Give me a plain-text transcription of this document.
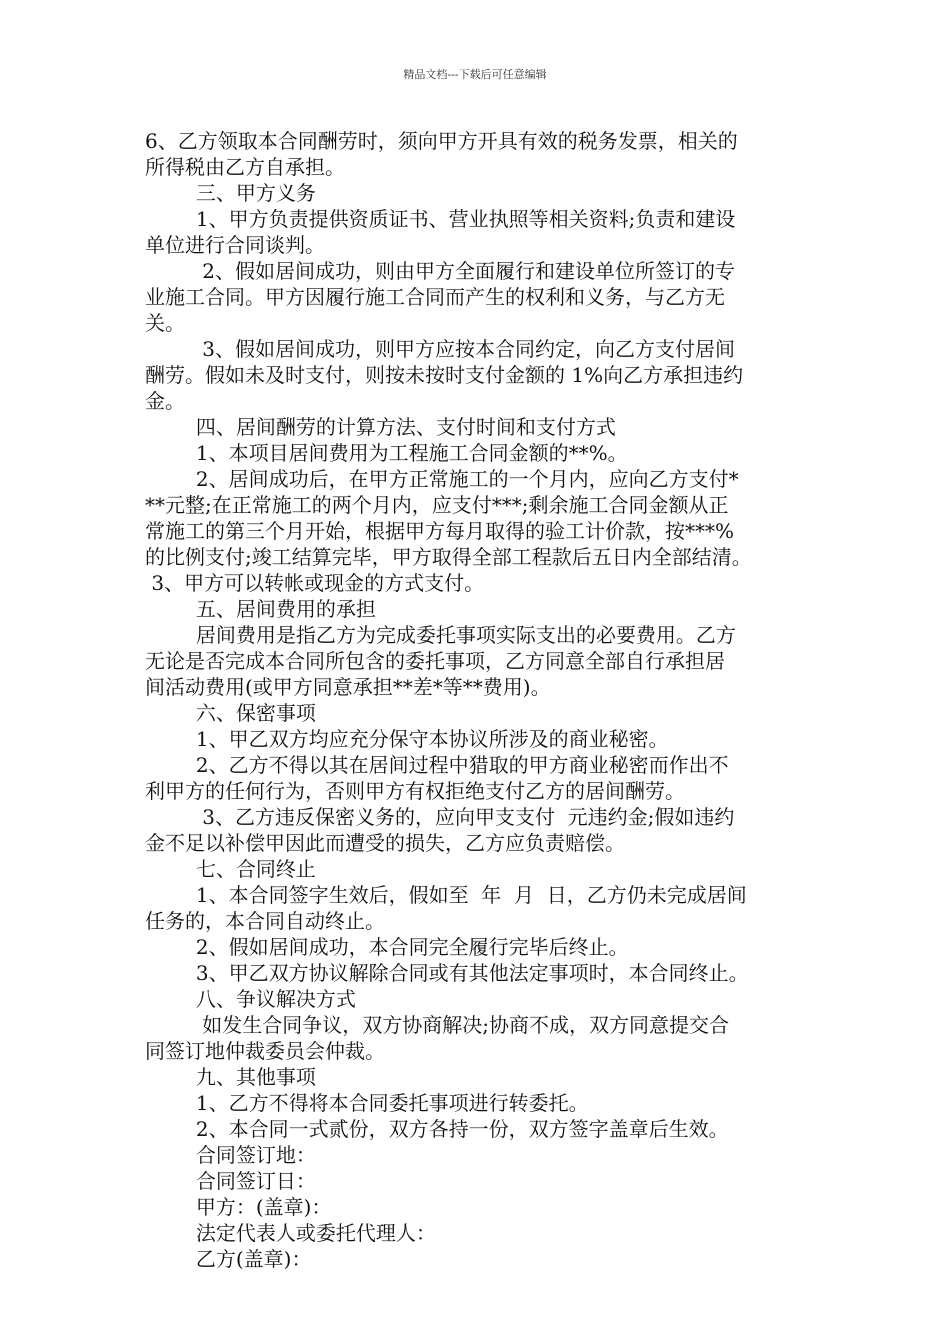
精品文档---下载后可任意编辑
6、乙方领取本合同酬劳时，须向甲方开具有效的税务发票，相关的
所得税由乙方自承担。
三、甲方义务
1、甲方负责提供资质证书、营业执照等相关资料;负责和建设
单位进行合同谈判。
2、假如居间成功，则由甲方全面履行和建设单位所签订的专
业施工合同。甲方因履行施工合同而产生的权利和义务，与乙方无
关。
3、假如居间成功，则甲方应按本合同约定，向乙方支付居间
酬劳。假如未及时支付，则按未按时支付金额的 1%向乙方承担违约
金。
四、居间酬劳的计算方法、支付时间和支付方式
1、本项目居间费用为工程施工合同金额的**%。
2、居间成功后，在甲方正常施工的一个月内，应向乙方支付*
**元整;在正常施工的两个月内，应支付***;剩余施工合同金额从正
常施工的第三个月开始，根据甲方每月取得的验工计价款，按***%
的比例支付;竣工结算完毕，甲方取得全部工程款后五日内全部结清。
3、甲方可以转帐或现金的方式支付。
五、居间费用的承担
居间费用是指乙方为完成委托事项实际支出的必要费用。乙方
无论是否完成本合同所包含的委托事项，乙方同意全部自行承担居
间活动费用(或甲方同意承担**差*等**费用)。
六、保密事项
1、甲乙双方均应充分保守本协议所涉及的商业秘密。
2、乙方不得以其在居间过程中猎取的甲方商业秘密而作出不
利甲方的任何行为，否则甲方有权拒绝支付乙方的居间酬劳。
3、乙方违反保密义务的，应向甲支支付  元违约金;假如违约
金不足以补偿甲因此而遭受的损失，乙方应负责赔偿。
七、合同终止
1、本合同签字生效后，假如至  年  月  日，乙方仍未完成居间
任务的，本合同自动终止。
2、假如居间成功，本合同完全履行完毕后终止。
3、甲乙双方协议解除合同或有其他法定事项时，本合同终止。
八、争议解决方式
如发生合同争议，双方协商解决;协商不成，双方同意提交合
同签订地仲裁委员会仲裁。
九、其他事项
1、乙方不得将本合同委托事项进行转委托。
2、本合同一式贰份，双方各持一份，双方签字盖章后生效。
合同签订地：
合同签订日：
甲方：(盖章)：
法定代表人或委托代理人：
乙方(盖章)：
